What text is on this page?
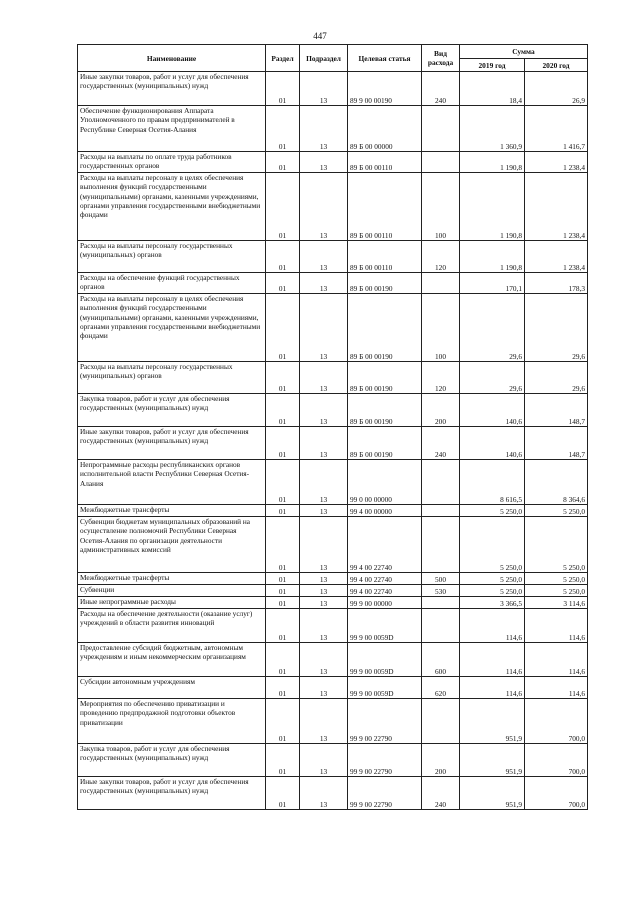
447
Наименование	Раздел	Подраздел	Целевая статья	Вид расхода	Сумма	
					2019 год	2020 год
Иные закупки товаров, работ и услуг для обеспечения государственных (муниципальных) нужд	01	13	89 9 00 00190	240	18,4	26,9
Обеспечение функционирования Аппарата Уполномоченного по правам предпринимателей в Республике Северная Осетия-Алания	01	13	89 Б 00 00000		1 360,9	1 416,7
Расходы на выплаты по оплате труда работников государственных органов	01	13	89 Б 00 00110		1 190,8	1 238,4
Расходы на выплаты персоналу в целях обеспечения выполнения функций государственными (муниципальными) органами, казенными учреждениями, органами управления государственными внебюджетными фондами	01	13	89 Б 00 00110	100	1 190,8	1 238,4
Расходы на выплаты персоналу государственных (муниципальных) органов	01	13	89 Б 00 00110	120	1 190,8	1 238,4
Расходы на обеспечение функций государственных органов	01	13	89 Б 00 00190		170,1	178,3
Расходы на выплаты персоналу в целях обеспечения выполнения функций государственными (муниципальными) органами, казенными учреждениями, органами управления государственными внебюджетными фондами	01	13	89 Б 00 00190	100	29,6	29,6
Расходы на выплаты персоналу государственных (муниципальных) органов	01	13	89 Б 00 00190	120	29,6	29,6
Закупка товаров, работ и услуг для обеспечения государственных (муниципальных) нужд	01	13	89 Б 00 00190	200	140,6	148,7
Иные закупки товаров, работ и услуг для обеспечения государственных (муниципальных) нужд	01	13	89 Б 00 00190	240	140,6	148,7
Непрограммные расходы республиканских органов исполнительной власти Республики Северная Осетия-Алания	01	13	99 0 00 00000		8 616,5	8 364,6
Межбюджетные трансферты	01	13	99 4 00 00000		5 250,0	5 250,0
Субвенции бюджетам муниципальных образований на осуществление полномочий Республики Северная Осетия-Алания по организации деятельности административных комиссий	01	13	99 4 00 22740		5 250,0	5 250,0
Межбюджетные трансферты	01	13	99 4 00 22740	500	5 250,0	5 250,0
Субвенции	01	13	99 4 00 22740	530	5 250,0	5 250,0
Иные непрограммные расходы	01	13	99 9 00 00000		3 366,5	3 114,6
Расходы на обеспечение деятельности (оказание услуг) учреждений в области развития инноваций	01	13	99 9 00 0059D		114,6	114,6
Предоставление субсидий бюджетным, автономным учреждениям и иным некоммерческим организациям	01	13	99 9 00 0059D	600	114,6	114,6
Субсидии автономным учреждениям	01	13	99 9 00 0059D	620	114,6	114,6
Мероприятия по обеспечению приватизации и проведению предпродажной подготовки объектов приватизации	01	13	99 9 00 22790		951,9	700,0
Закупка товаров, работ и услуг для обеспечения государственных (муниципальных) нужд	01	13	99 9 00 22790	200	951,9	700,0
Иные закупки товаров, работ и услуг для обеспечения государственных (муниципальных) нужд	01	13	99 9 00 22790	240	951,9	700,0
